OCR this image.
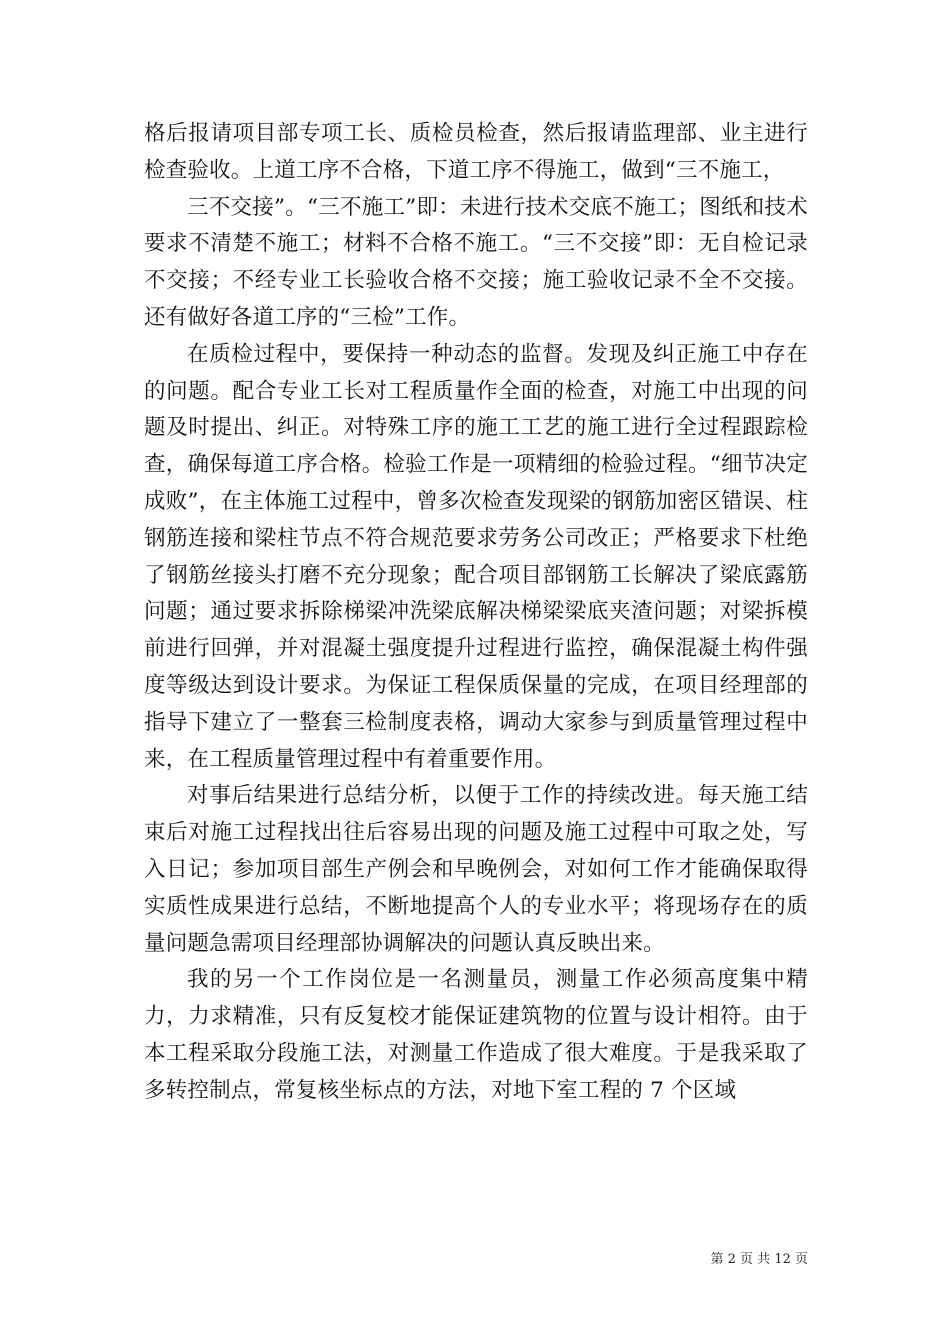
格后报请项目部专项工长、质检员检查，然后报请监理部、业主进行检查验收。上道工序不合格，下道工序不得施工，做到“三不施工，

三不交接”。“三不施工”即：未进行技术交底不施工；图纸和技术要求不清楚不施工；材料不合格不施工。“三不交接”即：无自检记录不交接；不经专业工长验收合格不交接；施工验收记录不全不交接。还有做好各道工序的“三检”工作。

在质检过程中，要保持一种动态的监督。发现及纠正施工中存在的问题。配合专业工长对工程质量作全面的检查，对施工中出现的问题及时提出、纠正。对特殊工序的施工工艺的施工进行全过程跟踪检查，确保每道工序合格。检验工作是一项精细的检验过程。“细节决定成败”，在主体施工过程中，曾多次检查发现梁的钢筋加密区错误、柱钢筋连接和梁柱节点不符合规范要求劳务公司改正；严格要求下杜绝了钢筋丝接头打磨不充分现象；配合项目部钢筋工长解决了梁底露筋问题；通过要求拆除梯梁冲洗梁底解决梯梁梁底夹渣问题；对梁拆模前进行回弹，并对混凝土强度提升过程进行监控，确保混凝土构件强度等级达到设计要求。为保证工程保质保量的完成，在项目经理部的指导下建立了一整套三检制度表格，调动大家参与到质量管理过程中来，在工程质量管理过程中有着重要作用。

对事后结果进行总结分析，以便于工作的持续改进。每天施工结束后对施工过程找出往后容易出现的问题及施工过程中可取之处，写入日记；参加项目部生产例会和早晚例会，对如何工作才能确保取得实质性成果进行总结，不断地提高个人的专业水平；将现场存在的质量问题急需项目经理部协调解决的问题认真反映出来。

我的另一个工作岗位是一名测量员，测量工作必须高度集中精力，力求精准，只有反复校才能保证建筑物的位置与设计相符。由于本工程采取分段施工法，对测量工作造成了很大难度。于是我采取了多转控制点，常复核坐标点的方法，对地下室工程的 7 个区域

第 2 页 共 12 页
